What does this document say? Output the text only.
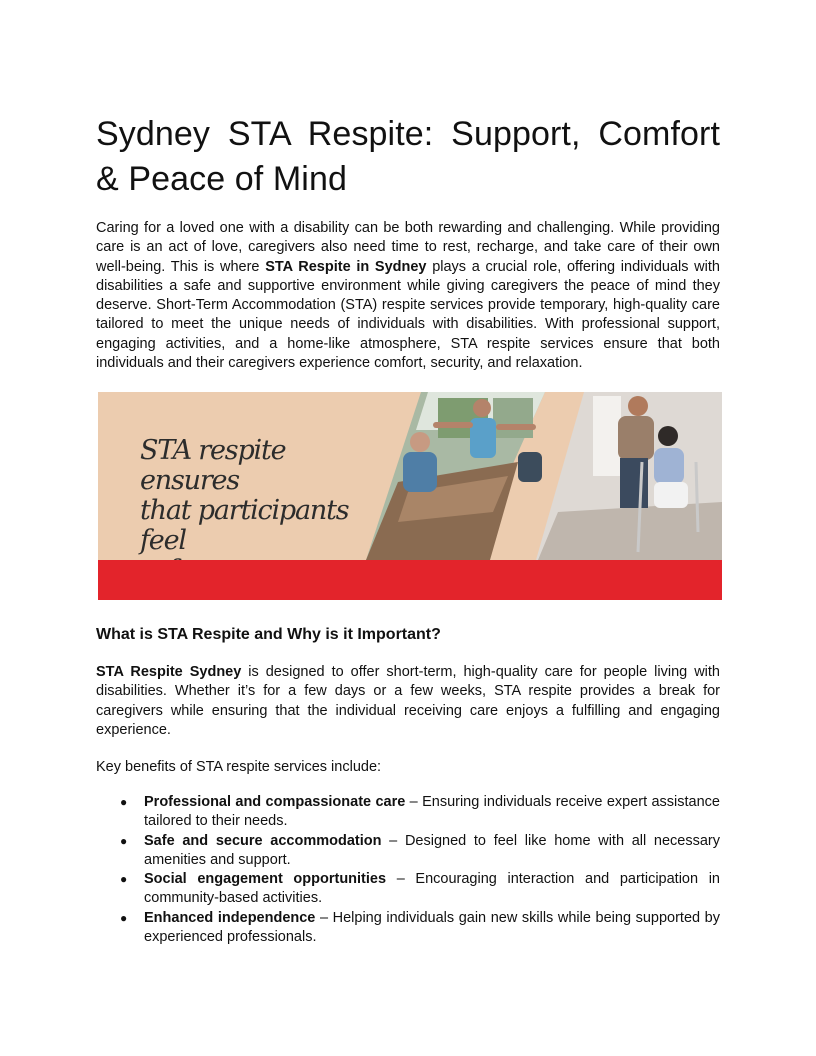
Sydney STA Respite: Support, Comfort
& Peace of Mind

Caring for a loved one with a disability can be both rewarding and challenging. While providing care is an act of love, caregivers also need time to rest, recharge, and take care of their own well-being. This is where STA Respite in Sydney plays a crucial role, offering individuals with disabilities a safe and supportive environment while giving caregivers the peace of mind they deserve. Short-Term Accommodation (STA) respite services provide temporary, high-quality care tailored to meet the unique needs of individuals with disabilities. With professional support, engaging activities, and a home-like atmosphere, STA respite services ensure that both individuals and their caregivers experience comfort, security, and relaxation.

STA respite ensures
that participants feel
What is STA Respite and Why is it Important?

STA Respite Sydney is designed to offer short-term, high-quality care for people living with disabilities. Whether it’s for a few days or a few weeks, STA respite provides a break for caregivers while ensuring that the individual receiving care enjoys a fulfilling and engaging experience.

Key benefits of STA respite services include:

● Professional and compassionate care – Ensuring individuals receive expert assistance tailored to their needs.
● Safe and secure accommodation – Designed to feel like home with all necessary amenities and support.
● Social engagement opportunities – Encouraging interaction and participation in community-based activities.
● Enhanced independence – Helping individuals gain new skills while being supported by experienced professionals.
